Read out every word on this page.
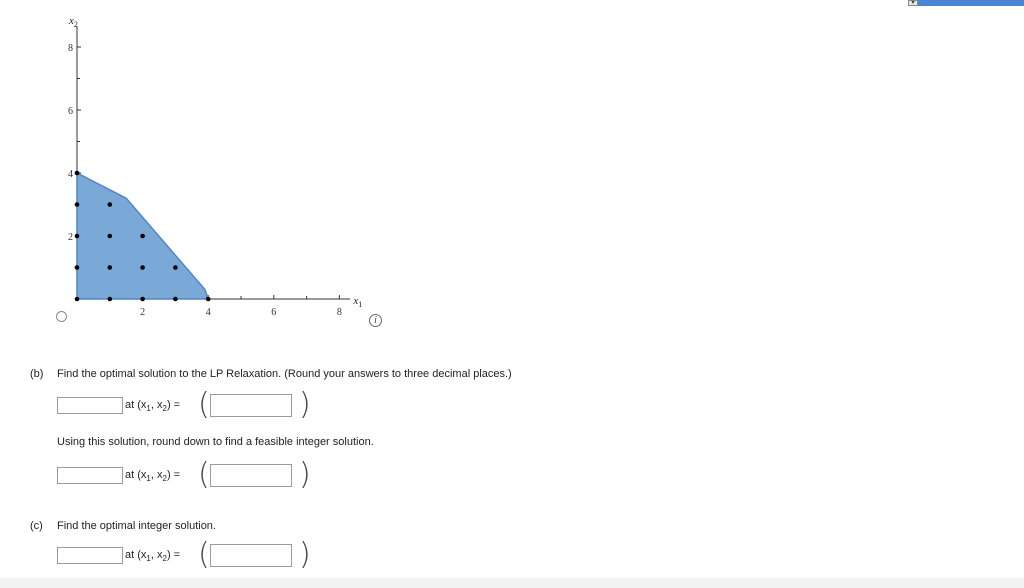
▾
2	4	6	8
2
4
6
8
$x_1$
$x_2$
i
(b) Find the optimal solution to the LP Relaxation. (Round your answers to three decimal places.)
at ($x_1$, $x_2$) = (	)
Using this solution, round down to find a feasible integer solution.
at ($x_1$, $x_2$) = (	)
(c) Find the optimal integer solution.
at ($x_1$, $x_2$) = (	)
